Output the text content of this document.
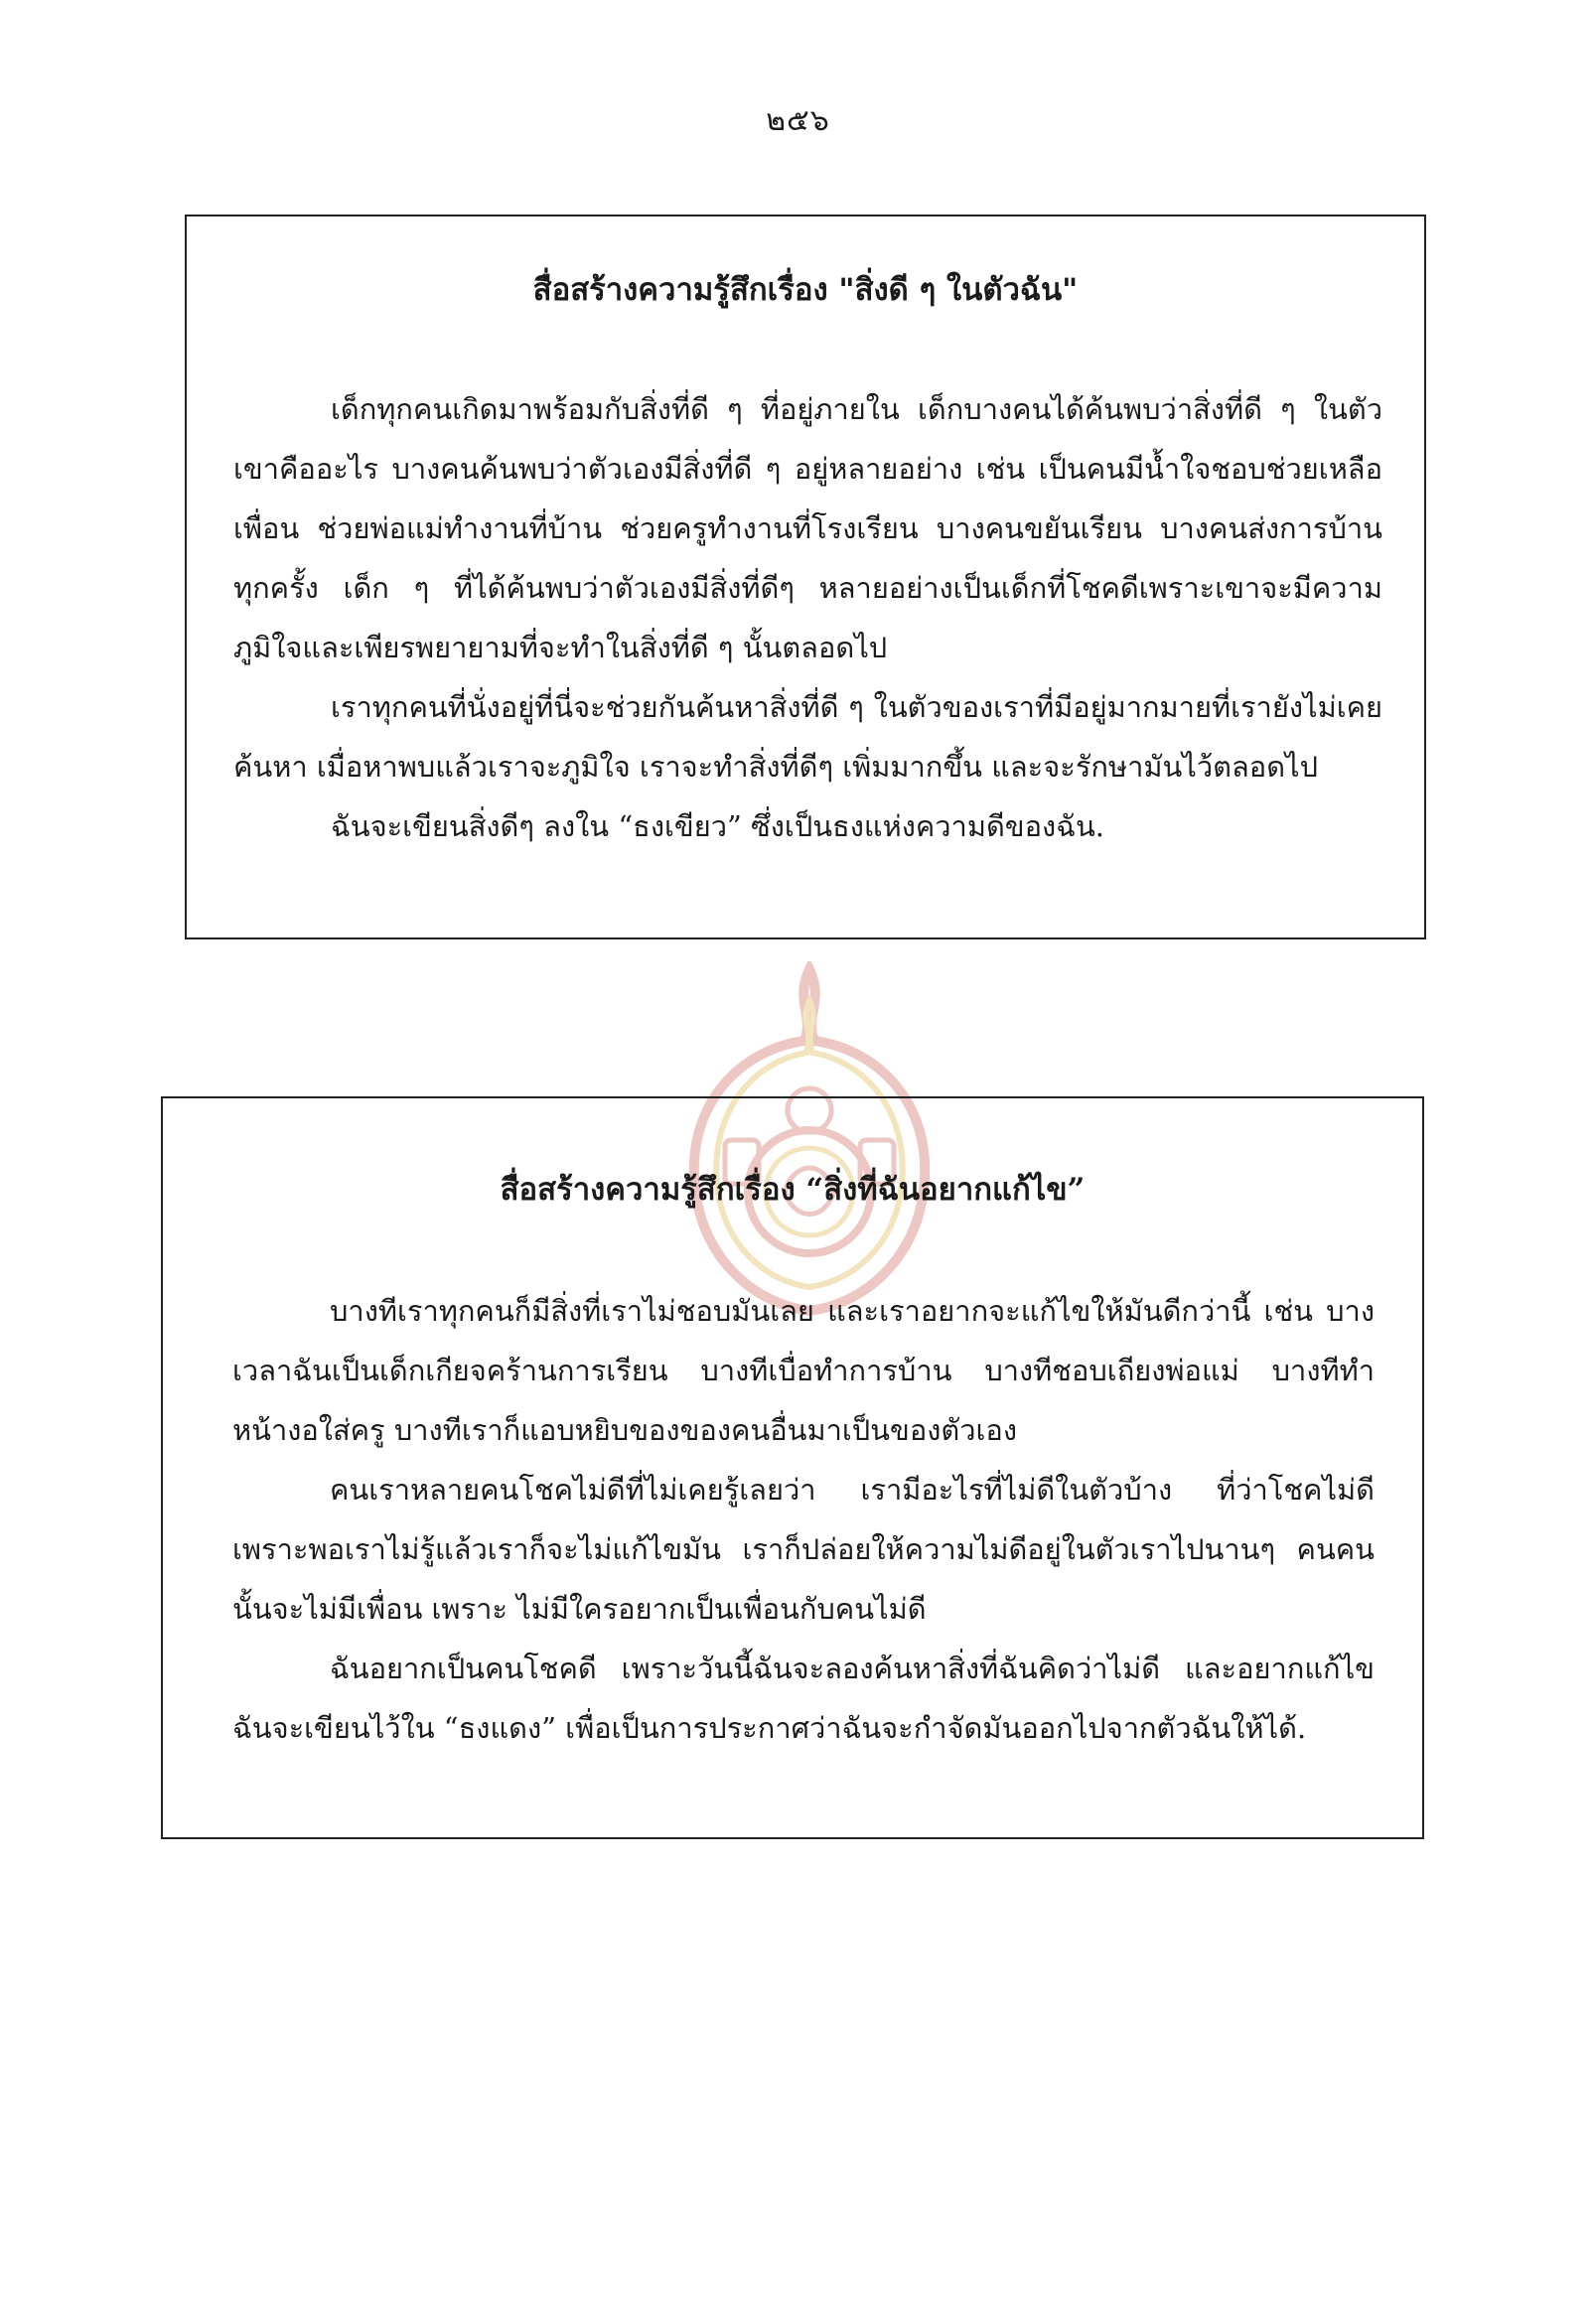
๒๕๖
สื่อสร้างความรู้สึกเรื่อง "สิ่งดี ๆ ในตัวฉัน"

เด็กทุกคนเกิดมาพร้อมกับสิ่งที่ดี ๆ ที่อยู่ภายใน เด็กบางคนได้ค้นพบว่าสิ่งที่ดี ๆ ในตัวเขาคืออะไร บางคนค้นพบว่าตัวเองมีสิ่งที่ดี ๆ อยู่หลายอย่าง เช่น เป็นคนมีน้ำใจชอบช่วยเหลือเพื่อน ช่วยพ่อแม่ทำงานที่บ้าน ช่วยครูทำงานที่โรงเรียน บางคนขยันเรียน บางคนส่งการบ้านทุกครั้ง เด็ก ๆ ที่ได้ค้นพบว่าตัวเองมีสิ่งที่ดีๆ หลายอย่างเป็นเด็กที่โชคดีเพราะเขาจะมีความภูมิใจและเพียรพยายามที่จะทำในสิ่งที่ดี ๆ นั้นตลอดไป

เราทุกคนที่นั่งอยู่ที่นี่จะช่วยกันค้นหาสิ่งที่ดี ๆ ในตัวของเราที่มีอยู่มากมายที่เรายังไม่เคยค้นหา เมื่อหาพบแล้วเราจะภูมิใจ เราจะทำสิ่งที่ดีๆ เพิ่มมากขึ้น และจะรักษามันไว้ตลอดไป

ฉันจะเขียนสิ่งดีๆ ลงใน “ธงเขียว” ซึ่งเป็นธงแห่งความดีของฉัน.

สื่อสร้างความรู้สึกเรื่อง “สิ่งที่ฉันอยากแก้ไข”

บางทีเราทุกคนก็มีสิ่งที่เราไม่ชอบมันเลย และเราอยากจะแก้ไขให้มันดีกว่านี้ เช่น บางเวลาฉันเป็นเด็กเกียจคร้านการเรียน บางทีเบื่อทำการบ้าน บางทีชอบเถียงพ่อแม่ บางทีทำหน้างอใส่ครู บางทีเราก็แอบหยิบของของคนอื่นมาเป็นของตัวเอง

คนเราหลายคนโชคไม่ดีที่ไม่เคยรู้เลยว่า เรามีอะไรที่ไม่ดีในตัวบ้าง ที่ว่าโชคไม่ดีเพราะพอเราไม่รู้แล้วเราก็จะไม่แก้ไขมัน เราก็ปล่อยให้ความไม่ดีอยู่ในตัวเราไปนานๆ คนคนนั้นจะไม่มีเพื่อน เพราะ ไม่มีใครอยากเป็นเพื่อนกับคนไม่ดี

ฉันอยากเป็นคนโชคดี เพราะวันนี้ฉันจะลองค้นหาสิ่งที่ฉันคิดว่าไม่ดี และอยากแก้ไข ฉันจะเขียนไว้ใน “ธงแดง” เพื่อเป็นการประกาศว่าฉันจะกำจัดมันออกไปจากตัวฉันให้ได้.
